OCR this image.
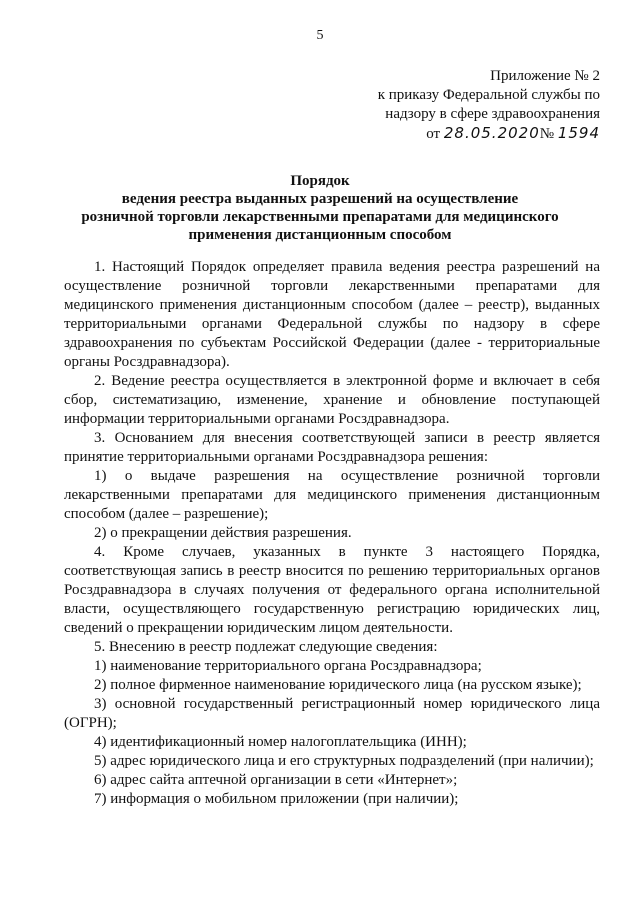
5
Приложение № 2
к приказу Федеральной службы по
надзору в сфере здравоохранения
от 28.05.2020№ 1594
Порядок
ведения реестра выданных разрешений на осуществление
розничной торговли лекарственными препаратами для медицинского
применения дистанционным способом

1. Настоящий Порядок определяет правила ведения реестра разрешений на осуществление розничной торговли лекарственными препаратами для медицинского применения дистанционным способом (далее – реестр), выданных территориальными органами Федеральной службы по надзору в сфере здравоохранения по субъектам Российской Федерации (далее - территориальные органы Росздравнадзора).

2. Ведение реестра осуществляется в электронной форме и включает в себя сбор, систематизацию, изменение, хранение и обновление поступающей информации территориальными органами Росздравнадзора.

3. Основанием для внесения соответствующей записи в реестр является принятие территориальными органами Росздравнадзора решения:

1) о выдаче разрешения на осуществление розничной торговли лекарственными препаратами для медицинского применения дистанционным способом (далее – разрешение);

2) о прекращении действия разрешения.

4. Кроме случаев, указанных в пункте 3 настоящего Порядка, соответствующая запись в реестр вносится по решению территориальных органов Росздравнадзора в случаях получения от федерального органа исполнительной власти, осуществляющего государственную регистрацию юридических лиц, сведений о прекращении юридическим лицом деятельности.

5. Внесению в реестр подлежат следующие сведения:

1) наименование территориального органа Росздравнадзора;

2) полное фирменное наименование юридического лица (на русском языке);

3) основной государственный регистрационный номер юридического лица (ОГРН);

4) идентификационный номер налогоплательщика (ИНН);

5) адрес юридического лица и его структурных подразделений (при наличии);

6) адрес сайта аптечной организации в сети «Интернет»;

7) информация о мобильном приложении (при наличии);
